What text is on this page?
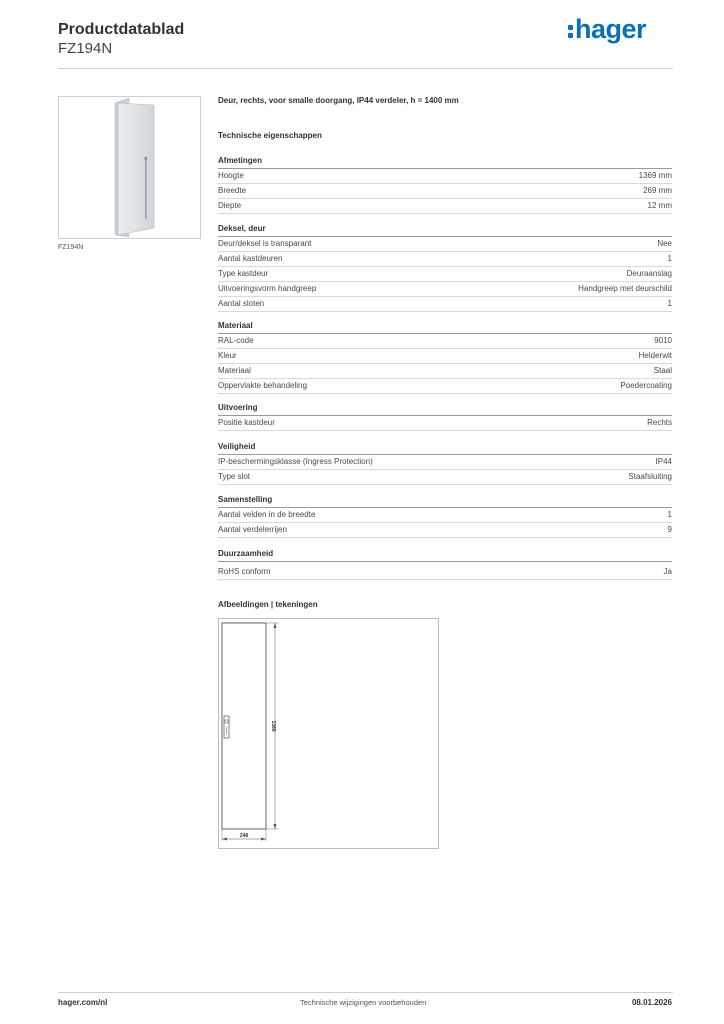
Productdatablad
FZ194N
hager
FZ194N
Deur, rechts, voor smalle doorgang, IP44 verdeler, h = 1400 mm
Technische eigenschappen
Afmetingen
Hoogte	1369 mm
Breedte	269 mm
Diepte	12 mm
Deksel, deur
Deur/deksel is transparant	Nee
Aantal kastdeuren	1
Type kastdeur	Deuraanslag
Uitvoeringsvorm handgreep	Handgreep met deurschild
Aantal sloten	1
Materiaal
RAL-code	9010
Kleur	Helderwit
Materiaal	Staal
Oppervlakte behandeling	Poedercoating
Uitvoering
Positie kastdeur	Rechts
Veiligheid
IP-beschermingsklasse (Ingress Protection)	IP44
Type slot	Staafsluiting
Samenstelling
Aantal velden in de breedte	1
Aantal verdelerrijen	9
Duurzaamheid
RoHS conform	Ja
Afbeeldingen | tekeningen
1369
248
hager.com/nl	Technische wijzigingen voorbehouden	08.01.2026
